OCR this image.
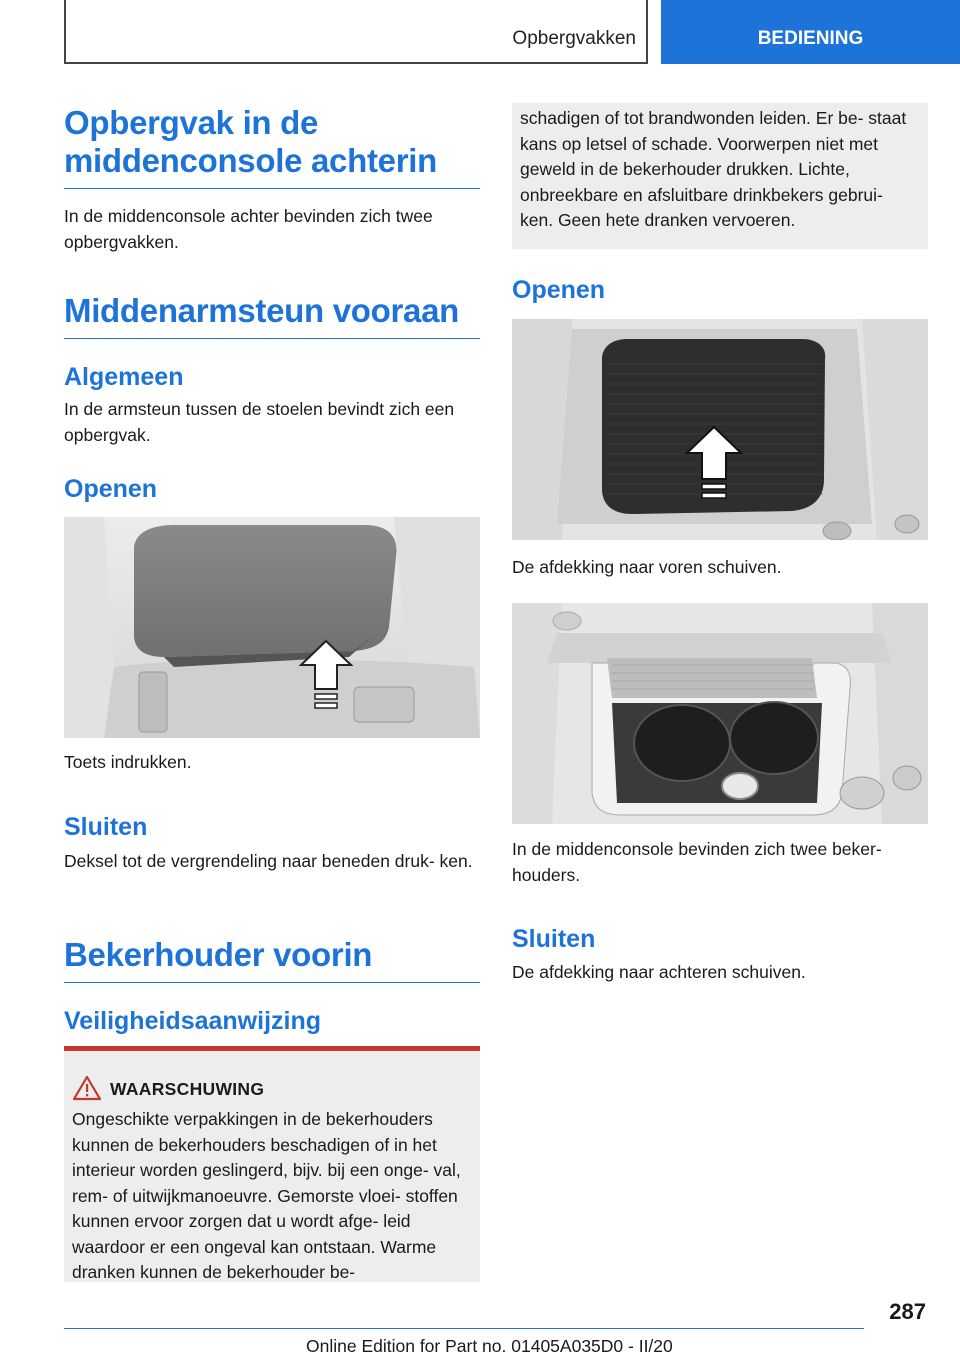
Opbergvakken	BEDIENING
Opbergvak in de middenconsole achterin

In de middenconsole achter bevinden zich twee opbergvakken.

Middenarmsteun vooraan
Algemeen

In de armsteun tussen de stoelen bevindt zich een opbergvak.

Openen

Toets indrukken.

Sluiten

Deksel tot de vergrendeling naar beneden druk- ken.

Bekerhouder voorin
Veiligheidsaanwijzing
WAARSCHUWING

Ongeschikte verpakkingen in de bekerhouders kunnen de bekerhouders beschadigen of in het interieur worden geslingerd, bijv. bij een onge- val, rem- of uitwijkmanoeuvre. Gemorste vloei- stoffen kunnen ervoor zorgen dat u wordt afge- leid waardoor er een ongeval kan ontstaan. Warme dranken kunnen de bekerhouder be-

schadigen of tot brandwonden leiden. Er be- staat kans op letsel of schade. Voorwerpen niet met geweld in de bekerhouder drukken. Lichte, onbreekbare en afsluitbare drinkbekers gebrui- ken. Geen hete dranken vervoeren.
Openen

De afdekking naar voren schuiven.

In de middenconsole bevinden zich twee beker- houders.

Sluiten

De afdekking naar achteren schuiven.

287
Online Edition for Part no. 01405A035D0 - II/20
